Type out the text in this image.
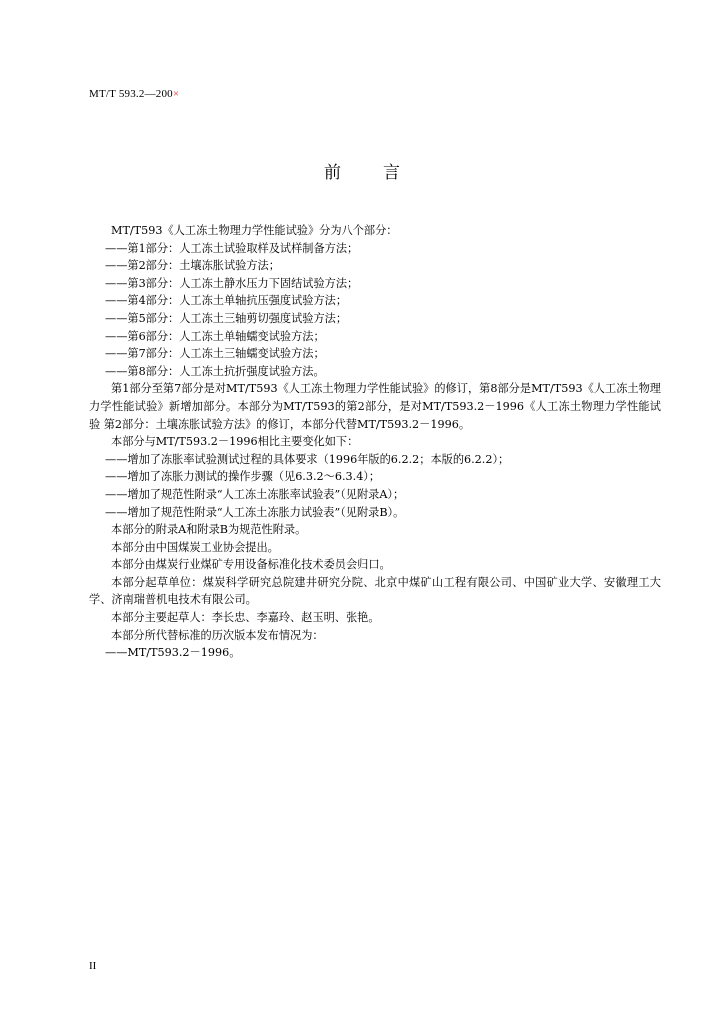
MT/T 593.2—200×
前言

MT/T593《人工冻土物理力学性能试验》分为八个部分：

——第1部分：人工冻土试验取样及试样制备方法；

——第2部分：土壤冻胀试验方法；

——第3部分：人工冻土静水压力下固结试验方法；

——第4部分：人工冻土单轴抗压强度试验方法；

——第5部分：人工冻土三轴剪切强度试验方法；

——第6部分：人工冻土单轴蠕变试验方法；

——第7部分：人工冻土三轴蠕变试验方法；

——第8部分：人工冻土抗折强度试验方法。

第1部分至第7部分是对MT/T593《人工冻土物理力学性能试验》的修订，第8部分是MT/T593《人工冻土物理力学性能试验》新增加部分。本部分为MT/T593的第2部分，是对MT/T593.2－1996《人工冻土物理力学性能试验 第2部分：土壤冻胀试验方法》的修订，本部分代替MT/T593.2－1996。

本部分与MT/T593.2－1996相比主要变化如下：

——增加了冻胀率试验测试过程的具体要求（1996年版的6.2.2；本版的6.2.2）；

——增加了冻胀力测试的操作步骤（见6.3.2～6.3.4）；

——增加了规范性附录“人工冻土冻胀率试验表”（见附录A）；

——增加了规范性附录“人工冻土冻胀力试验表”（见附录B）。

本部分的附录A和附录B为规范性附录。

本部分由中国煤炭工业协会提出。

本部分由煤炭行业煤矿专用设备标准化技术委员会归口。

本部分起草单位：煤炭科学研究总院建井研究分院、北京中煤矿山工程有限公司、中国矿业大学、安徽理工大学、济南瑞普机电技术有限公司。

本部分主要起草人：李长忠、李嘉玲、赵玉明、张艳。

本部分所代替标准的历次版本发布情况为：

——MT/T593.2－1996。

II
